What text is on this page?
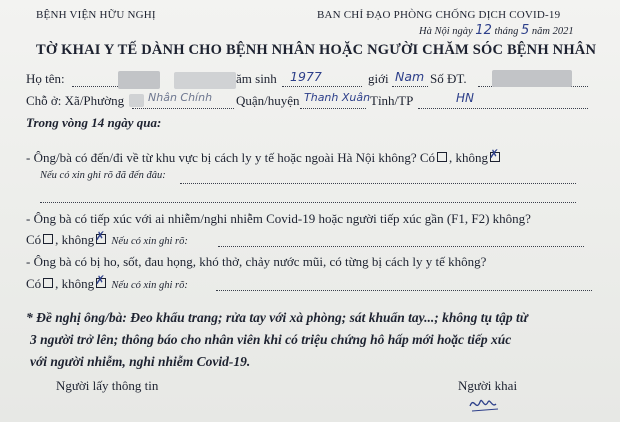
BỆNH VIỆN HỮU NGHỊ	BAN CHỈ ĐẠO PHÒNG CHỐNG DỊCH COVID-19
Hà Nội ngày 12 tháng 5 năm 2021
TỜ KHAI Y TẾ DÀNH CHO BỆNH NHÂN HOẶC NGƯỜI CHĂM SÓC BỆNH NHÂN
Họ tên:	ăm sinh 1977	giới Nam Số ĐT.
Chỗ ở: Xã/Phường Nhân Chính Quận/huyện Thanh Xuân Tỉnh/TP	HN
Trong vòng 14 ngày qua:
- Ông/bà có đến/đi về từ khu vực bị cách ly y tế hoặc ngoài Hà Nội không? Có , không ✗
Nếu có xin ghi rõ đã đến đâu:
- Ông bà có tiếp xúc với ai nhiễm/nghi nhiễm Covid-19 hoặc người tiếp xúc gần (F1, F2) không?
Có , không ✗ Nếu có xin ghi rõ:
- Ông bà có bị ho, sốt, đau họng, khó thở, chảy nước mũi, có từng bị cách ly y tế không?
Có , không ✗ Nếu có xin ghi rõ:
* Đề nghị ông/bà: Đeo khẩu trang; rửa tay với xà phòng; sát khuẩn tay...; không tụ tập từ
3 người trở lên; thông báo cho nhân viên khi có triệu chứng hô hấp mới hoặc tiếp xúc
với người nhiễm, nghi nhiễm Covid-19.
Người lấy thông tin	Người khai
